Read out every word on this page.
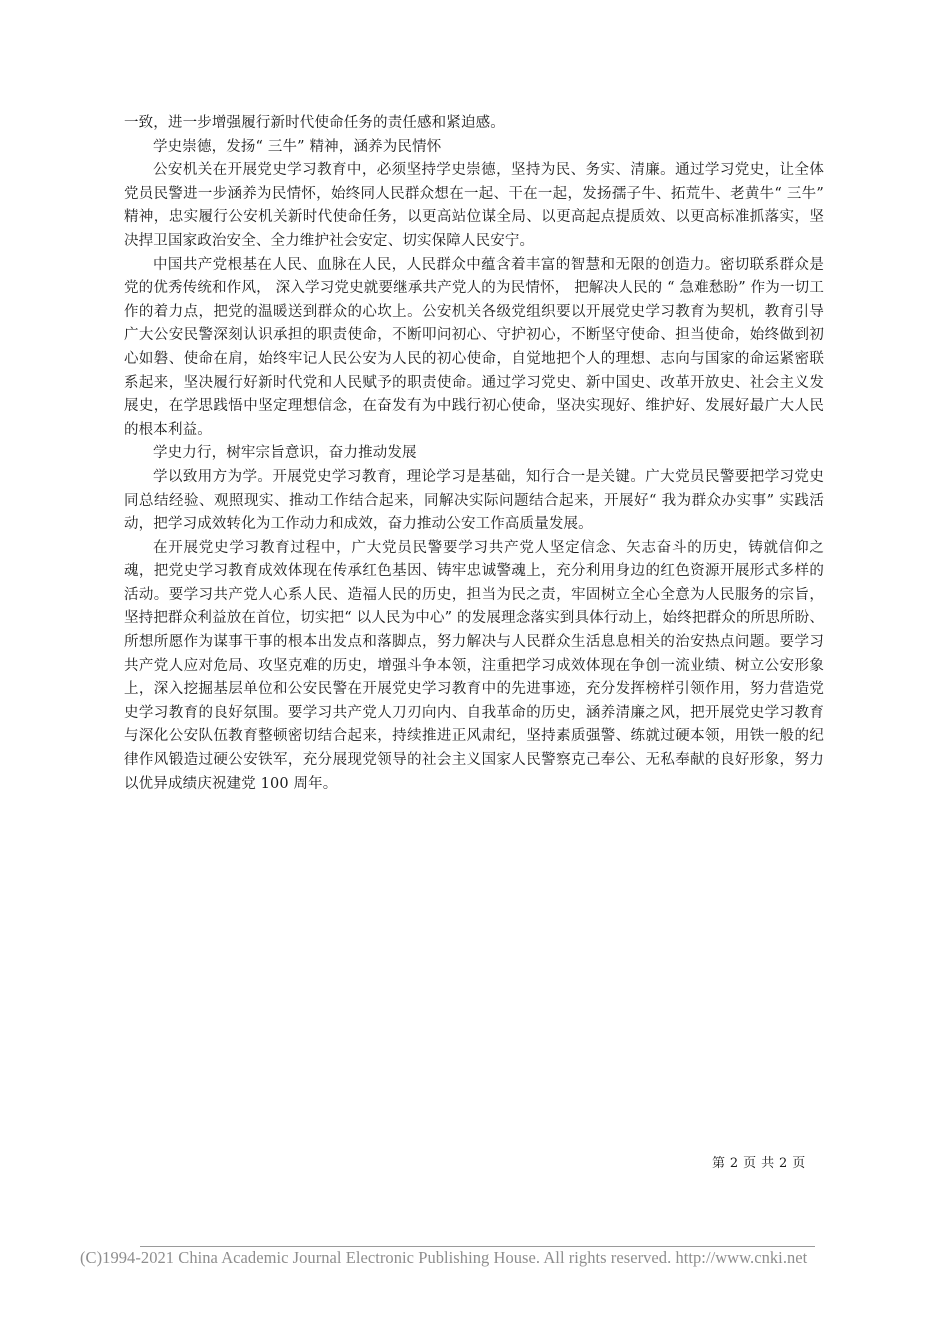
一致，进一步增强履行新时代使命任务的责任感和紧迫感。

学史崇德，发扬“ 三牛” 精神，涵养为民情怀

公安机关在开展党史学习教育中，必须坚持学史崇德，坚持为民、务实、清廉。通过学习党史，让全体党员民警进一步涵养为民情怀，始终同人民群众想在一起、干在一起，发扬孺子牛、拓荒牛、老黄牛“ 三牛” 精神，忠实履行公安机关新时代使命任务，以更高站位谋全局、以更高起点提质效、以更高标准抓落实，坚决捍卫国家政治安全、全力维护社会安定、切实保障人民安宁。

中国共产党根基在人民、血脉在人民，人民群众中蕴含着丰富的智慧和无限的创造力。密切联系群众是党的优秀传统和作风， 深入学习党史就要继承共产党人的为民情怀， 把解决人民的 “ 急难愁盼” 作为一切工作的着力点，把党的温暖送到群众的心坎上。公安机关各级党组织要以开展党史学习教育为契机，教育引导广大公安民警深刻认识承担的职责使命，不断叩问初心、守护初心，不断坚守使命、担当使命，始终做到初心如磐、使命在肩，始终牢记人民公安为人民的初心使命，自觉地把个人的理想、志向与国家的命运紧密联系起来，坚决履行好新时代党和人民赋予的职责使命。通过学习党史、新中国史、改革开放史、社会主义发展史，在学思践悟中坚定理想信念，在奋发有为中践行初心使命，坚决实现好、维护好、发展好最广大人民的根本利益。

学史力行，树牢宗旨意识，奋力推动发展

学以致用方为学。开展党史学习教育，理论学习是基础，知行合一是关键。广大党员民警要把学习党史同总结经验、观照现实、推动工作结合起来，同解决实际问题结合起来，开展好“ 我为群众办实事” 实践活动，把学习成效转化为工作动力和成效，奋力推动公安工作高质量发展。

在开展党史学习教育过程中，广大党员民警要学习共产党人坚定信念、矢志奋斗的历史，铸就信仰之魂，把党史学习教育成效体现在传承红色基因、铸牢忠诚警魂上，充分利用身边的红色资源开展形式多样的活动。要学习共产党人心系人民、造福人民的历史，担当为民之责，牢固树立全心全意为人民服务的宗旨，坚持把群众利益放在首位，切实把“ 以人民为中心” 的发展理念落实到具体行动上，始终把群众的所思所盼、所想所愿作为谋事干事的根本出发点和落脚点，努力解决与人民群众生活息息相关的治安热点问题。要学习共产党人应对危局、攻坚克难的历史，增强斗争本领，注重把学习成效体现在争创一流业绩、树立公安形象上，深入挖掘基层单位和公安民警在开展党史学习教育中的先进事迹，充分发挥榜样引领作用，努力营造党史学习教育的良好氛围。要学习共产党人刀刃向内、自我革命的历史，涵养清廉之风，把开展党史学习教育与深化公安队伍教育整顿密切结合起来，持续推进正风肃纪，坚持素质强警、练就过硬本领，用铁一般的纪律作风锻造过硬公安铁军，充分展现党领导的社会主义国家人民警察克己奉公、无私奉献的良好形象，努力以优异成绩庆祝建党 100 周年。

第 2 页 共 2 页
(C)1994-2021 China Academic Journal Electronic Publishing House. All rights reserved. http://www.cnki.net
